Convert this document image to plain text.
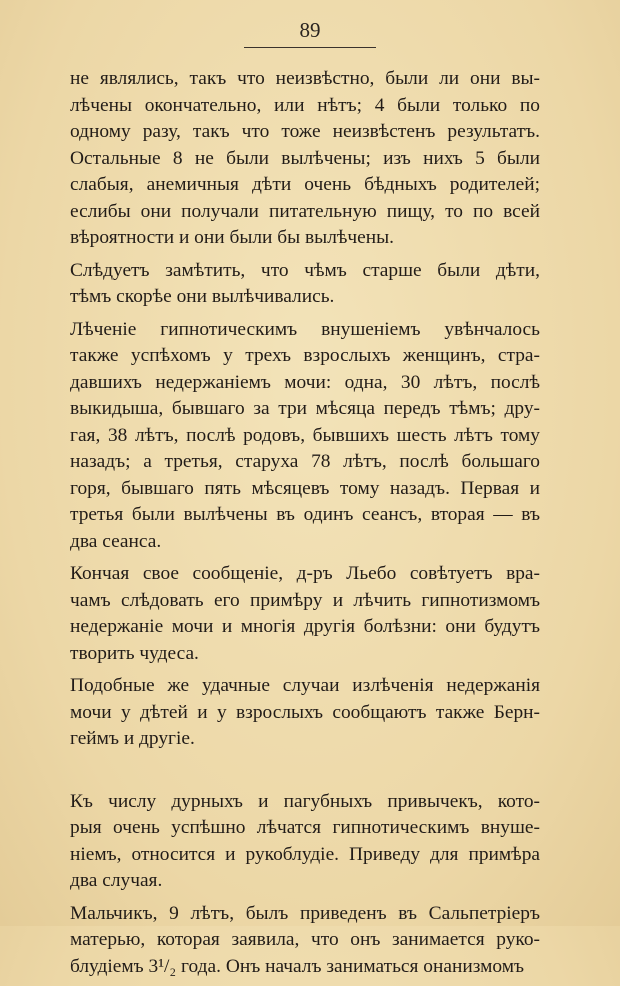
89
не являлись, такъ что неизвѣстно, были ли они вы-
лѣчены окончательно, или нѣтъ; 4 были только по
одному разу, такъ что тоже неизвѣстенъ результатъ.
Остальные 8 не были вылѣчены; изъ нихъ 5 были
слабыя, анемичныя дѣти очень бѣдныхъ родителей;
еслибы они получали питательную пищу, то по всей
вѣроятности и они были бы вылѣчены.
Слѣдуетъ замѣтить, что чѣмъ старше были дѣти,
тѣмъ скорѣе они вылѣчивались.
Лѣченіе гипнотическимъ внушеніемъ увѣнчалось
также успѣхомъ у трехъ взрослыхъ женщинъ, стра-
давшихъ недержаніемъ мочи: одна, 30 лѣтъ, послѣ
выкидыша, бывшаго за три мѣсяца передъ тѣмъ; дру-
гая, 38 лѣтъ, послѣ родовъ, бывшихъ шесть лѣтъ тому
назадъ; а третья, старуха 78 лѣтъ, послѣ большаго
горя, бывшаго пять мѣсяцевъ тому назадъ. Первая и
третья были вылѣчены въ одинъ сеансъ, вторая — въ
два сеанса.
Кончая свое сообщеніе, д-ръ Льебо совѣтуетъ вра-
чамъ слѣдовать его примѣру и лѣчить гипнотизмомъ
недержаніе мочи и многія другія болѣзни: они будутъ
творить чудеса.
Подобные же удачные случаи излѣченія недержанія
мочи у дѣтей и у взрослыхъ сообщаютъ также Берн-
геймъ и другіе.
Къ числу дурныхъ и пагубныхъ привычекъ, кото-
рыя очень успѣшно лѣчатся гипнотическимъ внуше-
ніемъ, относится и рукоблудіе. Приведу для примѣра
два случая.
Мальчикъ, 9 лѣтъ, былъ приведенъ въ Сальпетріеръ
матерью, которая заявила, что онъ занимается руко-
блудіемъ 3¹/₂ года. Онъ началъ заниматься онанизмомъ
